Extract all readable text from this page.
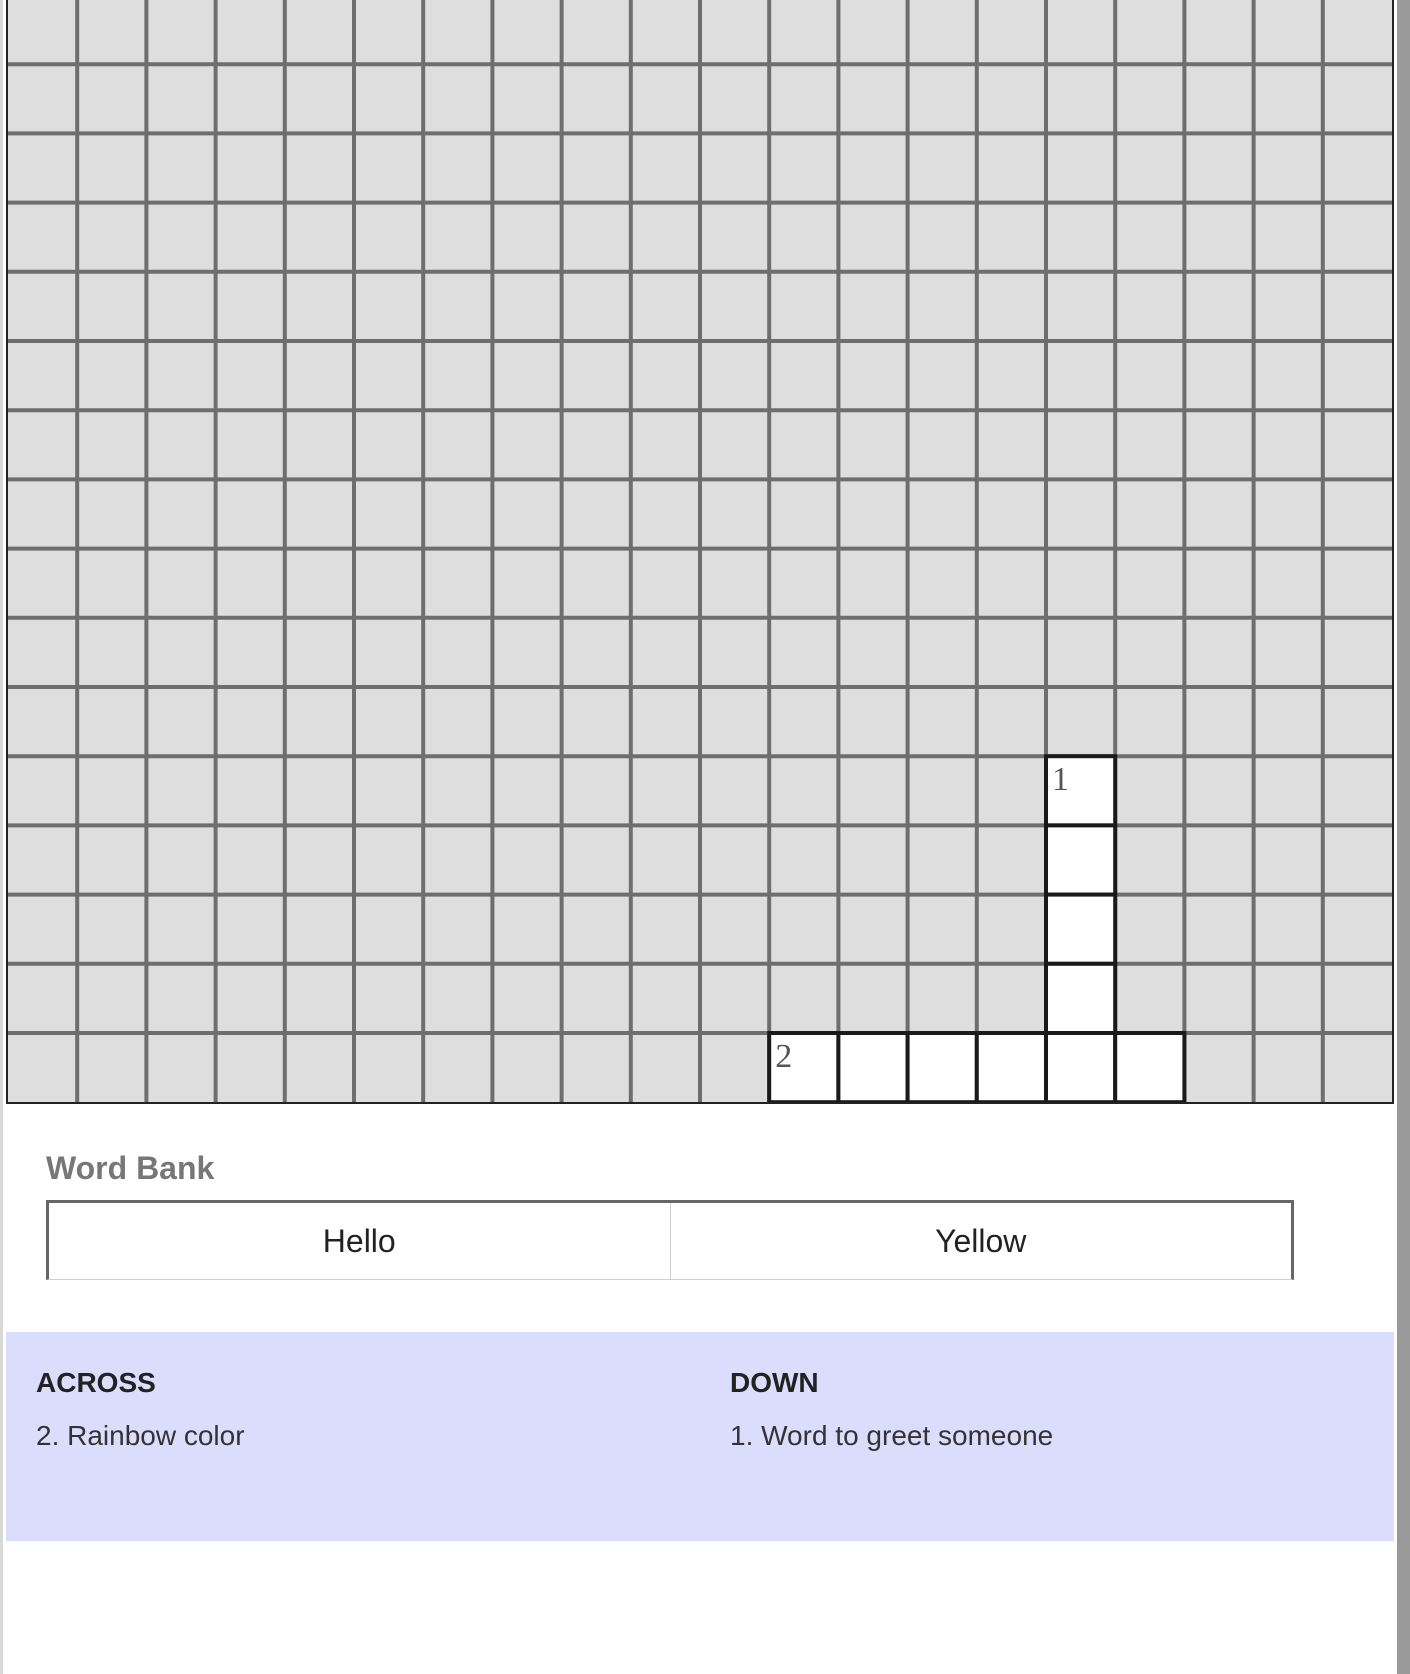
1
2
Word Bank
Hello	Yellow
ACROSS
2. Rainbow color
DOWN
1. Word to greet someone
